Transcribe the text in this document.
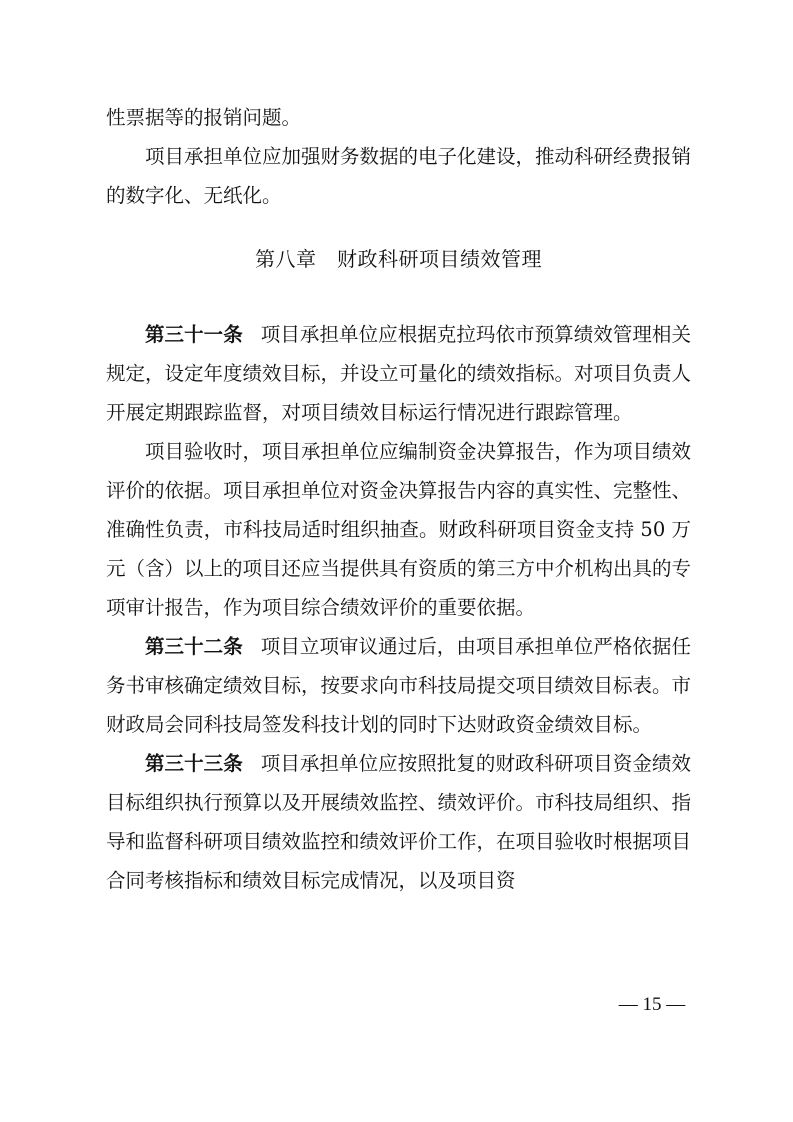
性票据等的报销问题。

项目承担单位应加强财务数据的电子化建设，推动科研经费报销的数字化、无纸化。

第八章　财政科研项目绩效管理

第三十一条 项目承担单位应根据克拉玛依市预算绩效管理相关规定，设定年度绩效目标，并设立可量化的绩效指标。对项目负责人开展定期跟踪监督，对项目绩效目标运行情况进行跟踪管理。

项目验收时，项目承担单位应编制资金决算报告，作为项目绩效评价的依据。项目承担单位对资金决算报告内容的真实性、完整性、准确性负责，市科技局适时组织抽查。财政科研项目资金支持 50 万元（含）以上的项目还应当提供具有资质的第三方中介机构出具的专项审计报告，作为项目综合绩效评价的重要依据。

第三十二条 项目立项审议通过后，由项目承担单位严格依据任务书审核确定绩效目标，按要求向市科技局提交项目绩效目标表。市财政局会同科技局签发科技计划的同时下达财政资金绩效目标。

第三十三条 项目承担单位应按照批复的财政科研项目资金绩效目标组织执行预算以及开展绩效监控、绩效评价。市科技局组织、指导和监督科研项目绩效监控和绩效评价工作，在项目验收时根据项目合同考核指标和绩效目标完成情况，以及项目资

— 15 —
